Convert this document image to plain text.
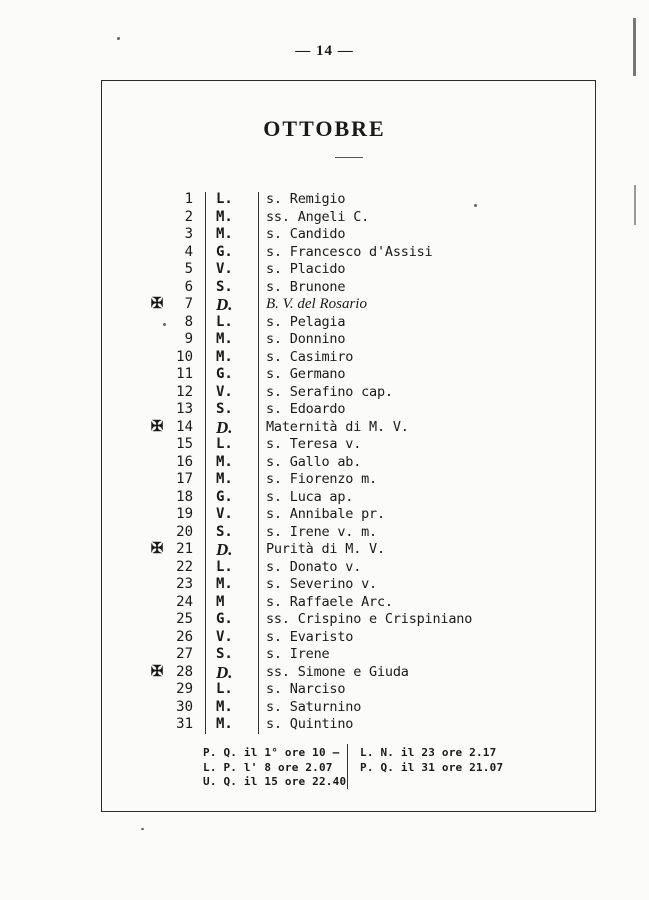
— 14 —
OTTOBRE
1 L.	s. Remigio
2 M.	ss. Angeli C.
3 M.	s. Candido
4 G.	s. Francesco d'Assisi
5 V.	s. Placido
6 S.	s. Brunone
✠	7 D.	B. V. del Rosario
8 L.	s. Pelagia
9 M.	s. Donnino
10 M.	s. Casimiro
11 G.	s. Germano
12 V.	s. Serafino cap.
13 S.	s. Edoardo
✠ 14 D.	Maternità di M. V.
15 L.	s. Teresa v.
16 M.	s. Gallo ab.
17 M.	s. Fiorenzo m.
18 G.	s. Luca ap.
19 V.	s. Annibale pr.
20 S.	s. Irene v. m.
✠ 21 D.	Purità di M. V.
22 L.	s. Donato v.
23 M.	s. Severino v.
24 M	s. Raffaele Arc.
25 G.	ss. Crispino e Crispiniano
26 V.	s. Evaristo
27 S.	s. Irene
✠ 28 D.	ss. Simone e Giuda
29 L.	s. Narciso
30 M.	s. Saturnino
31 M.	s. Quintino
P. Q. il 1° ore 10 —
L. P. l' 8 ore 2.07
U. Q. il 15 ore 22.40
L. N. il 23 ore 2.17
P. Q. il 31 ore 21.07
